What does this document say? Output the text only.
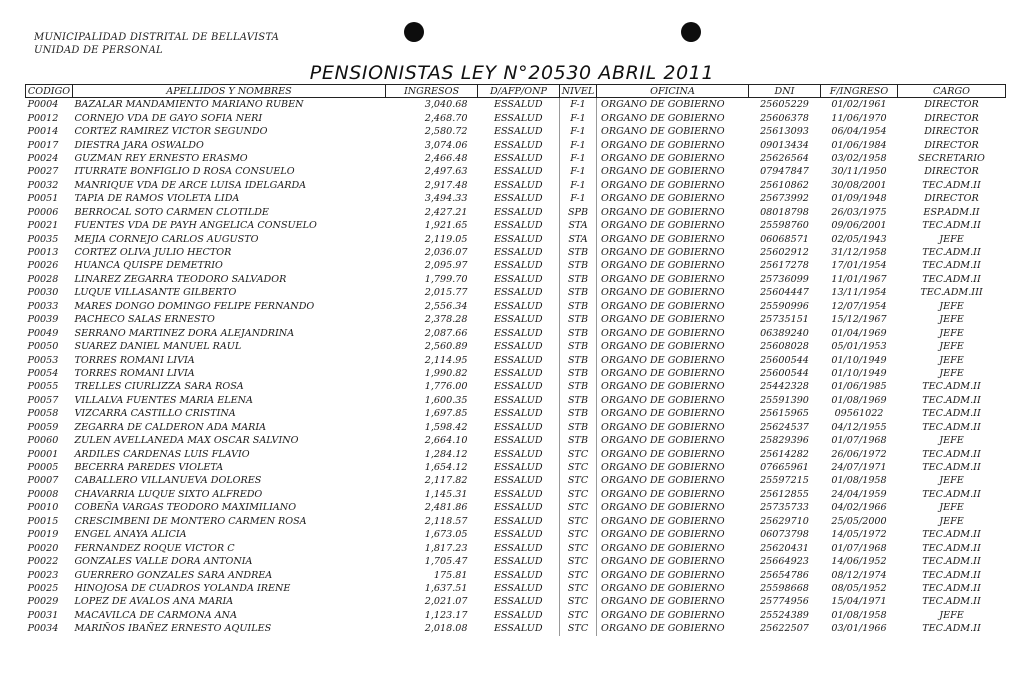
MUNICIPALIDAD DISTRITAL DE BELLAVISTA
UNIDAD DE PERSONAL
PENSIONISTAS LEY N°20530 ABRIL 2011
CODIGO	APELLIDOS Y NOMBRES	INGRESOS	D/AFP/ONP	NIVEL	OFICINA	DNI	F/INGRESO	CARGO
P0004	BAZALAR MANDAMIENTO MARIANO RUBEN	3,040.68	ESSALUD	F-1	ORGANO DE GOBIERNO	25605229	01/02/1961	DIRECTOR
P0012	CORNEJO VDA DE GAYO SOFIA NERI	2,468.70	ESSALUD	F-1	ORGANO DE GOBIERNO	25606378	11/06/1970	DIRECTOR
P0014	CORTEZ RAMIREZ VICTOR SEGUNDO	2,580.72	ESSALUD	F-1	ORGANO DE GOBIERNO	25613093	06/04/1954	DIRECTOR
P0017	DIESTRA JARA OSWALDO	3,074.06	ESSALUD	F-1	ORGANO DE GOBIERNO	09013434	01/06/1984	DIRECTOR
P0024	GUZMAN REY ERNESTO ERASMO	2,466.48	ESSALUD	F-1	ORGANO DE GOBIERNO	25626564	03/02/1958	SECRETARIO
P0027	ITURRATE BONFIGLIO D ROSA CONSUELO	2,497.63	ESSALUD	F-1	ORGANO DE GOBIERNO	07947847	30/11/1950	DIRECTOR
P0032	MANRIQUE VDA DE ARCE LUISA IDELGARDA	2,917.48	ESSALUD	F-1	ORGANO DE GOBIERNO	25610862	30/08/2001	TEC.ADM.II
P0051	TAPIA DE RAMOS VIOLETA LIDA	3,494.33	ESSALUD	F-1	ORGANO DE GOBIERNO	25673992	01/09/1948	DIRECTOR
P0006	BERROCAL SOTO CARMEN CLOTILDE	2,427.21	ESSALUD	SPB	ORGANO DE GOBIERNO	08018798	26/03/1975	ESP.ADM.II
P0021	FUENTES VDA DE PAYH ANGELICA CONSUELO	1,921.65	ESSALUD	STA	ORGANO DE GOBIERNO	25598760	09/06/2001	TEC.ADM.II
P0035	MEJIA CORNEJO CARLOS AUGUSTO	2,119.05	ESSALUD	STA	ORGANO DE GOBIERNO	06068571	02/05/1943	JEFE
P0013	CORTEZ OLIVA JULIO HECTOR	2,036.07	ESSALUD	STB	ORGANO DE GOBIERNO	25602912	31/12/1958	TEC.ADM.II
P0026	HUANCA QUISPE DEMETRIO	2,095.97	ESSALUD	STB	ORGANO DE GOBIERNO	25617278	17/01/1954	TEC.ADM.II
P0028	LINAREZ ZEGARRA TEODORO SALVADOR	1,799.70	ESSALUD	STB	ORGANO DE GOBIERNO	25736099	11/01/1967	TEC.ADM.II
P0030	LUQUE VILLASANTE GILBERTO	2,015.77	ESSALUD	STB	ORGANO DE GOBIERNO	25604447	13/11/1954	TEC.ADM.III
P0033	MARES DONGO DOMINGO FELIPE FERNANDO	2,556.34	ESSALUD	STB	ORGANO DE GOBIERNO	25590996	12/07/1954	JEFE
P0039	PACHECO SALAS ERNESTO	2,378.28	ESSALUD	STB	ORGANO DE GOBIERNO	25735151	15/12/1967	JEFE
P0049	SERRANO MARTINEZ DORA ALEJANDRINA	2,087.66	ESSALUD	STB	ORGANO DE GOBIERNO	06389240	01/04/1969	JEFE
P0050	SUAREZ DANIEL MANUEL RAUL	2,560.89	ESSALUD	STB	ORGANO DE GOBIERNO	25608028	05/01/1953	JEFE
P0053	TORRES ROMANI LIVIA	2,114.95	ESSALUD	STB	ORGANO DE GOBIERNO	25600544	01/10/1949	JEFE
P0054	TORRES ROMANI LIVIA	1,990.82	ESSALUD	STB	ORGANO DE GOBIERNO	25600544	01/10/1949	JEFE
P0055	TRELLES CIURLIZZA SARA ROSA	1,776.00	ESSALUD	STB	ORGANO DE GOBIERNO	25442328	01/06/1985	TEC.ADM.II
P0057	VILLALVA FUENTES MARIA ELENA	1,600.35	ESSALUD	STB	ORGANO DE GOBIERNO	25591390	01/08/1969	TEC.ADM.II
P0058	VIZCARRA CASTILLO CRISTINA	1,697.85	ESSALUD	STB	ORGANO DE GOBIERNO	25615965	09561022	TEC.ADM.II
P0059	ZEGARRA DE CALDERON ADA MARIA	1,598.42	ESSALUD	STB	ORGANO DE GOBIERNO	25624537	04/12/1955	TEC.ADM.II
P0060	ZULEN AVELLANEDA MAX OSCAR SALVINO	2,664.10	ESSALUD	STB	ORGANO DE GOBIERNO	25829396	01/07/1968	JEFE
P0001	ARDILES CARDENAS LUIS FLAVIO	1,284.12	ESSALUD	STC	ORGANO DE GOBIERNO	25614282	26/06/1972	TEC.ADM.II
P0005	BECERRA PAREDES VIOLETA	1,654.12	ESSALUD	STC	ORGANO DE GOBIERNO	07665961	24/07/1971	TEC.ADM.II
P0007	CABALLERO VILLANUEVA DOLORES	2,117.82	ESSALUD	STC	ORGANO DE GOBIERNO	25597215	01/08/1958	JEFE
P0008	CHAVARRIA LUQUE SIXTO ALFREDO	1,145.31	ESSALUD	STC	ORGANO DE GOBIERNO	25612855	24/04/1959	TEC.ADM.II
P0010	COBEÑA VARGAS TEODORO MAXIMILIANO	2,481.86	ESSALUD	STC	ORGANO DE GOBIERNO	25735733	04/02/1966	JEFE
P0015	CRESCIMBENI DE MONTERO CARMEN ROSA	2,118.57	ESSALUD	STC	ORGANO DE GOBIERNO	25629710	25/05/2000	JEFE
P0019	ENGEL ANAYA ALICIA	1,673.05	ESSALUD	STC	ORGANO DE GOBIERNO	06073798	14/05/1972	TEC.ADM.II
P0020	FERNANDEZ ROQUE VICTOR C	1,817.23	ESSALUD	STC	ORGANO DE GOBIERNO	25620431	01/07/1968	TEC.ADM.II
P0022	GONZALES VALLE DORA ANTONIA	1,705.47	ESSALUD	STC	ORGANO DE GOBIERNO	25664923	14/06/1952	TEC.ADM.II
P0023	GUERRERO GONZALES SARA ANDREA	175.81	ESSALUD	STC	ORGANO DE GOBIERNO	25654786	08/12/1974	TEC.ADM.II
P0025	HINOJOSA DE CUADROS YOLANDA IRENE	1,637.51	ESSALUD	STC	ORGANO DE GOBIERNO	25598668	08/05/1952	TEC.ADM.II
P0029	LOPEZ DE AVALOS ANA MARIA	2,021.07	ESSALUD	STC	ORGANO DE GOBIERNO	25774956	15/04/1971	TEC.ADM.II
P0031	MACAVILCA DE CARMONA ANA	1,123.17	ESSALUD	STC	ORGANO DE GOBIERNO	25524389	01/08/1958	JEFE
P0034	MARIÑOS IBAÑEZ ERNESTO AQUILES	2,018.08	ESSALUD	STC	ORGANO DE GOBIERNO	25622507	03/01/1966	TEC.ADM.II
